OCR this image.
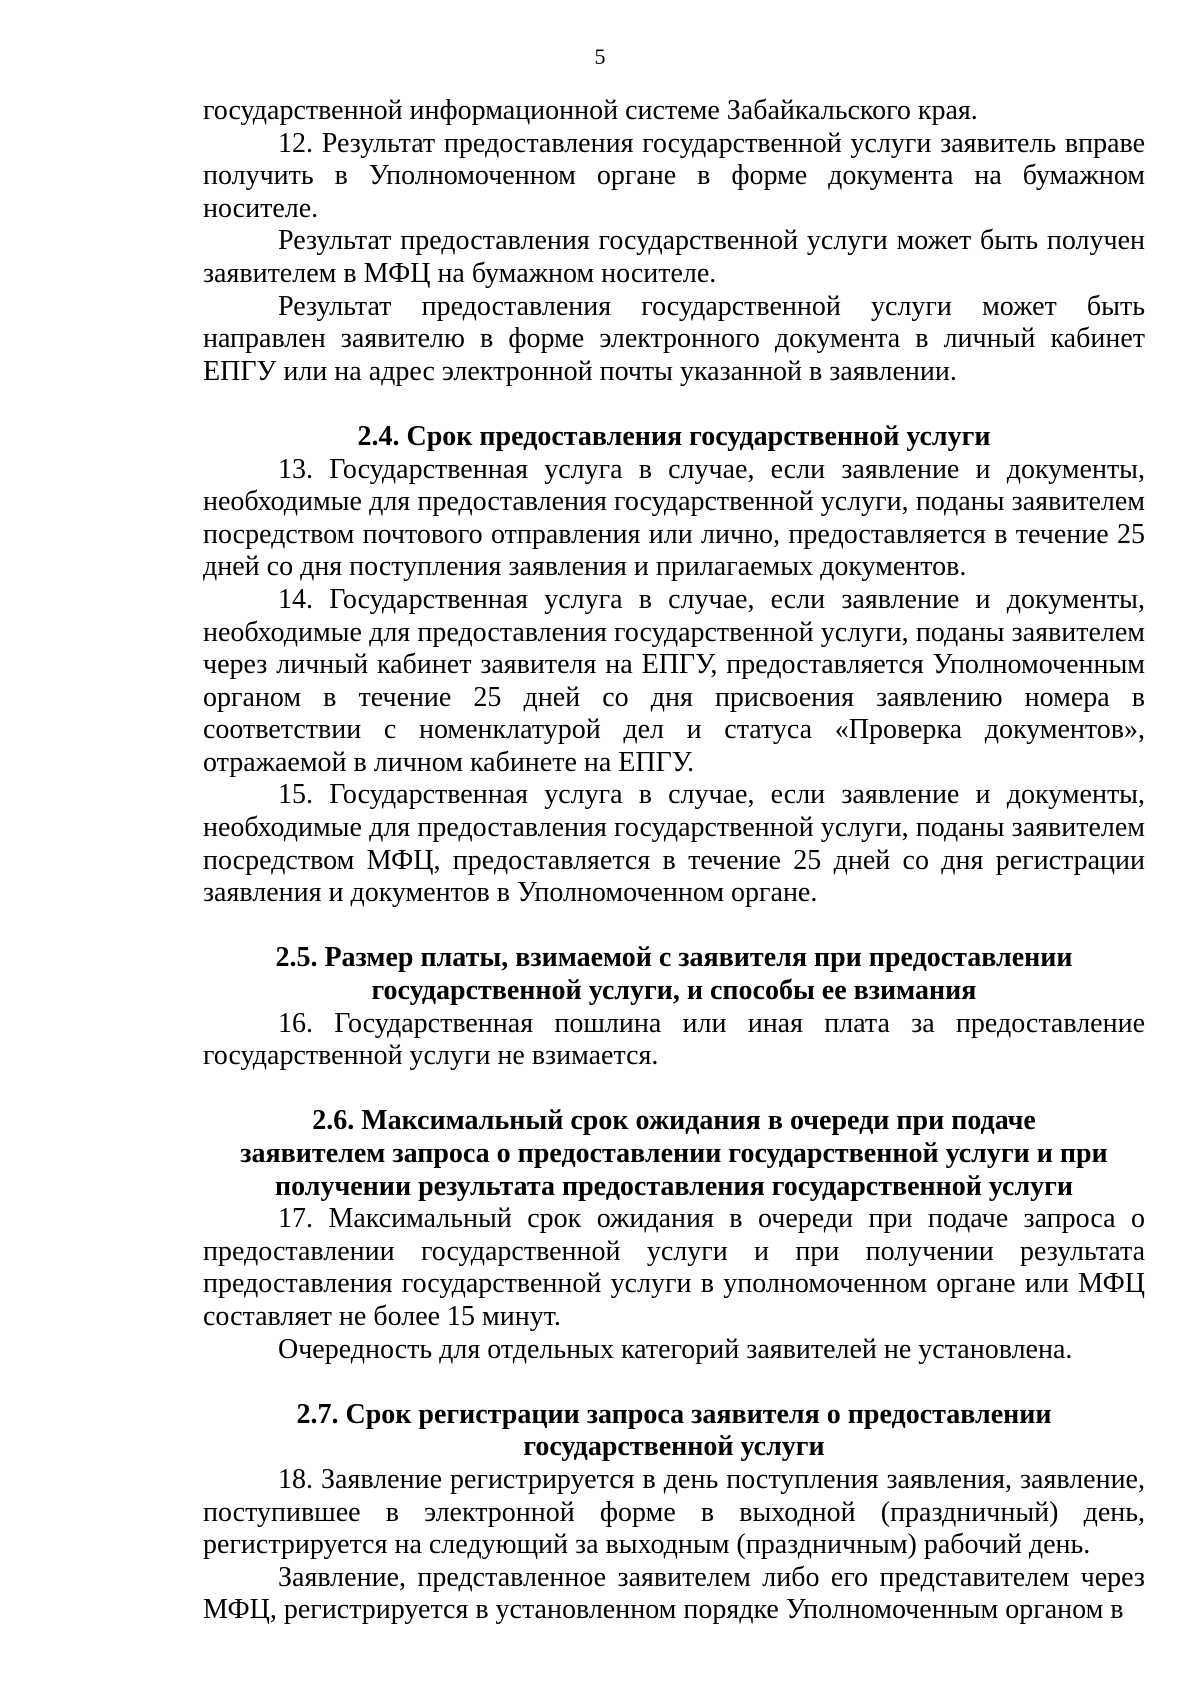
5

государственной информационной системе Забайкальского края.

12. Результат предоставления государственной услуги заявитель вправе получить в Уполномоченном органе в форме документа на бумажном носителе.

Результат предоставления государственной услуги может быть получен заявителем в МФЦ на бумажном носителе.

Результат предоставления государственной услуги может быть направлен заявителю в форме электронного документа в личный кабинет ЕПГУ или на адрес электронной почты указанной в заявлении.

2.4. Срок предоставления государственной услуги

13. Государственная услуга в случае, если заявление и документы, необходимые для предоставления государственной услуги, поданы заявителем посредством почтового отправления или лично, предоставляется в течение 25 дней со дня поступления заявления и прилагаемых документов.

14. Государственная услуга в случае, если заявление и документы, необходимые для предоставления государственной услуги, поданы заявителем через личный кабинет заявителя на ЕПГУ, предоставляется Уполномоченным органом в течение 25 дней со дня присвоения заявлению номера в соответствии с номенклатурой дел и статуса «Проверка документов», отражаемой в личном кабинете на ЕПГУ.

15. Государственная услуга в случае, если заявление и документы, необходимые для предоставления государственной услуги, поданы заявителем посредством МФЦ, предоставляется в течение 25 дней со дня регистрации заявления и документов в Уполномоченном органе.

2.5. Размер платы, взимаемой с заявителя при предоставлении

государственной услуги, и способы ее взимания

16. Государственная пошлина или иная плата за предоставление государственной услуги не взимается.

2.6. Максимальный срок ожидания в очереди при подаче

заявителем запроса о предоставлении государственной услуги и при

получении результата предоставления государственной услуги

17. Максимальный срок ожидания в очереди при подаче запроса о предоставлении государственной услуги и при получении результата предоставления государственной услуги в уполномоченном органе или МФЦ составляет не более 15 минут.

Очередность для отдельных категорий заявителей не установлена.

2.7. Срок регистрации запроса заявителя о предоставлении

государственной услуги

18. Заявление регистрируется в день поступления заявления, заявление, поступившее в электронной форме в выходной (праздничный) день, регистрируется на следующий за выходным (праздничным) рабочий день.

Заявление, представленное заявителем либо его представителем через МФЦ, регистрируется в установленном порядке Уполномоченным органом в
